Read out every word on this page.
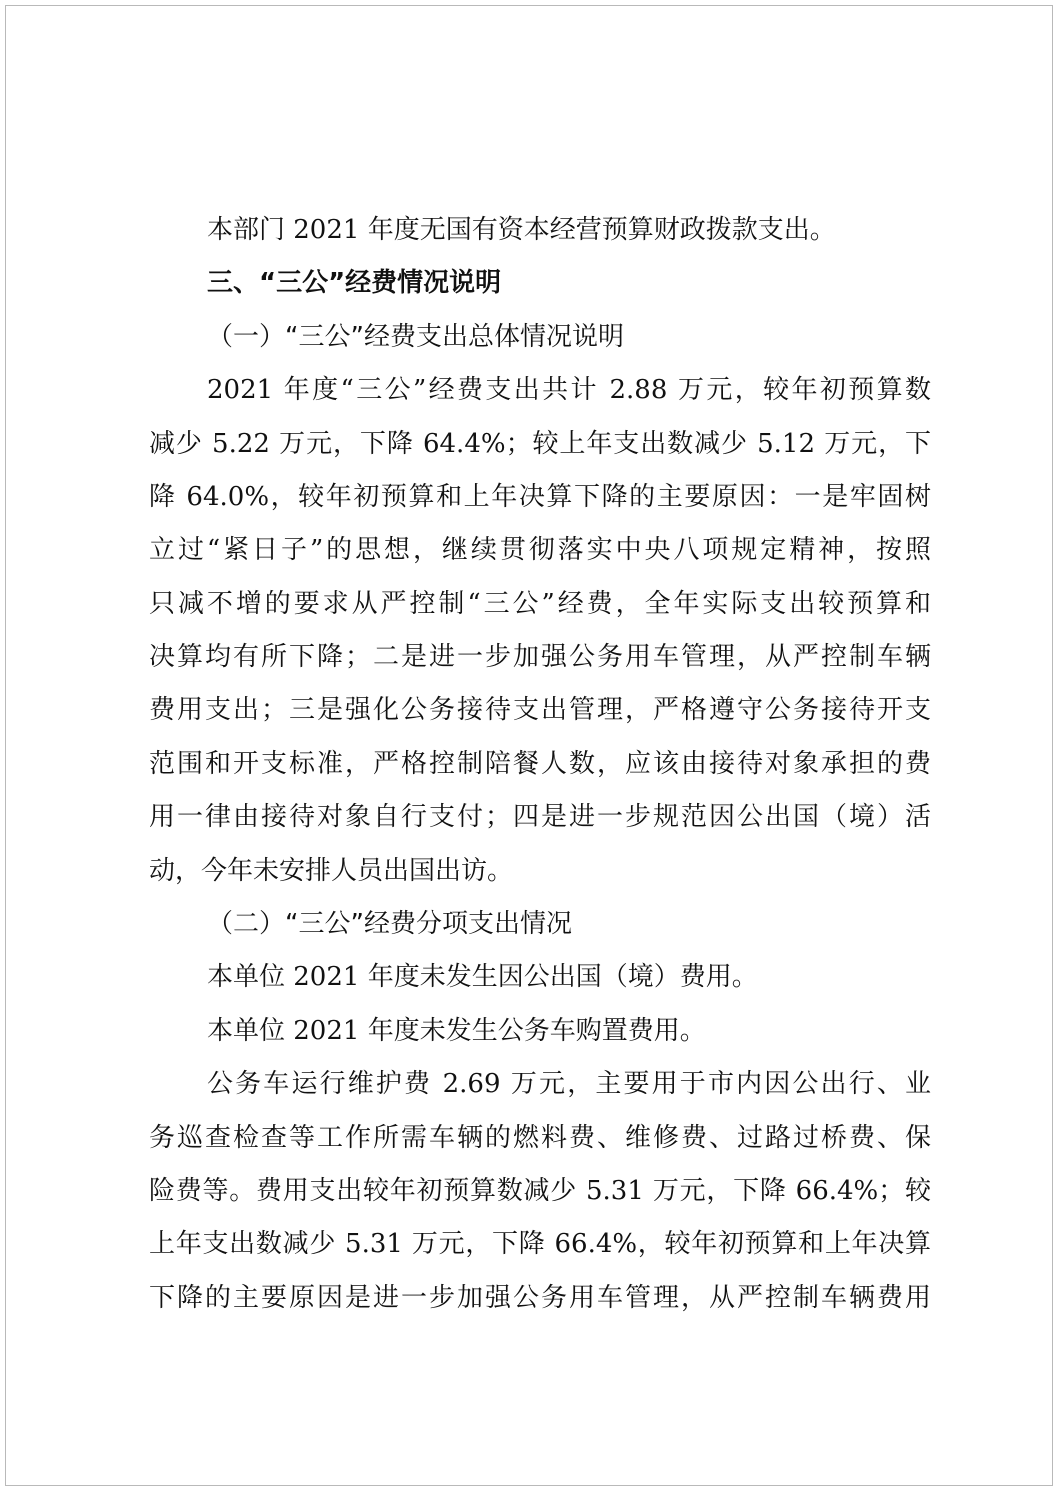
本部门 2021 年度无国有资本经营预算财政拨款支出。
三、“三公”经费情况说明
（一）“三公”经费支出总体情况说明
2021 年度“三公”经费支出共计 2.88 万元，较年初预算数
减少 5.22 万元，下降 64.4%；较上年支出数减少 5.12 万元，下
降 64.0%，较年初预算和上年决算下降的主要原因：一是牢固树
立过“紧日子”的思想，继续贯彻落实中央八项规定精神，按照
只减不增的要求从严控制“三公”经费，全年实际支出较预算和
决算均有所下降；二是进一步加强公务用车管理，从严控制车辆
费用支出；三是强化公务接待支出管理，严格遵守公务接待开支
范围和开支标准，严格控制陪餐人数，应该由接待对象承担的费
用一律由接待对象自行支付；四是进一步规范因公出国（境）活
动，今年未安排人员出国出访。
（二）“三公”经费分项支出情况
本单位 2021 年度未发生因公出国（境）费用。
本单位 2021 年度未发生公务车购置费用。
公务车运行维护费 2.69 万元，主要用于市内因公出行、业
务巡查检查等工作所需车辆的燃料费、维修费、过路过桥费、保
险费等。费用支出较年初预算数减少 5.31 万元，下降 66.4%；较
上年支出数减少 5.31 万元，下降 66.4%，较年初预算和上年决算
下降的主要原因是进一步加强公务用车管理，从严控制车辆费用
